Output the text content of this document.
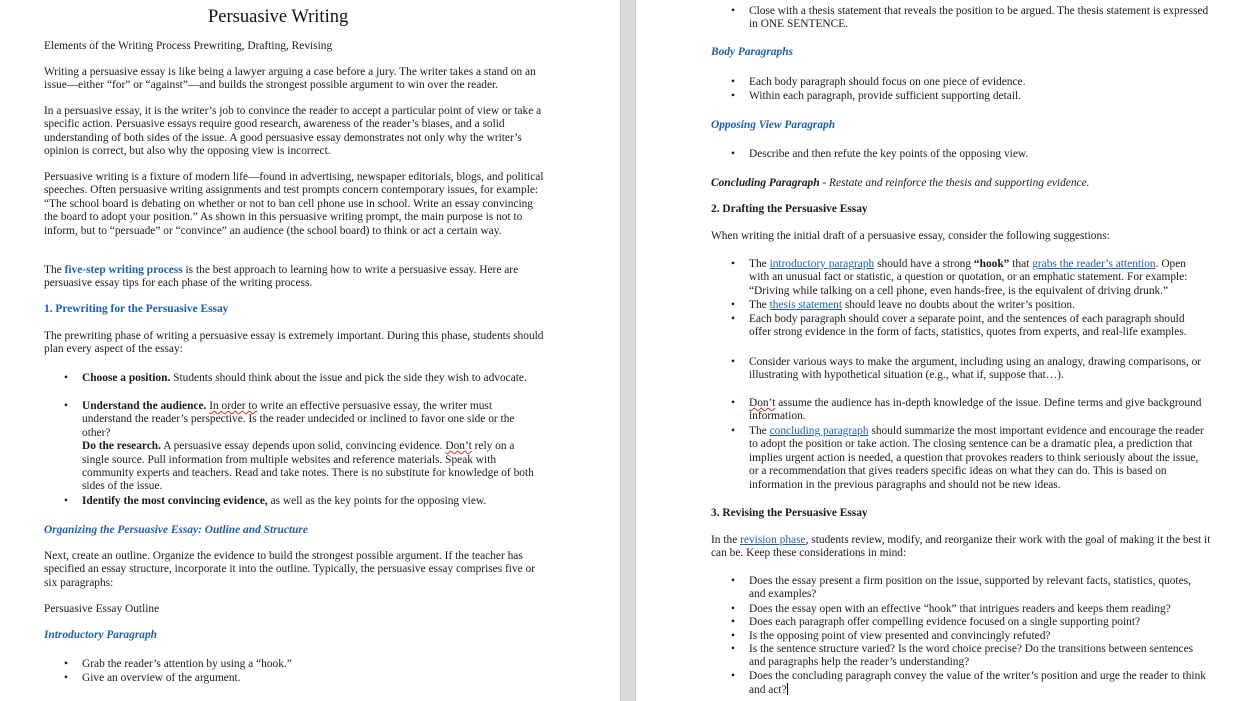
Persuasive Writing
Elements of the Writing Process Prewriting, Drafting, Revising
Writing a persuasive essay is like being a lawyer arguing a case before a jury. The writer takes a stand on an issue—either “for” or “against”—and builds the strongest possible argument to win over the reader.
In a persuasive essay, it is the writer’s job to convince the reader to accept a particular point of view or take a specific action. Persuasive essays require good research, awareness of the reader’s biases, and a solid understanding of both sides of the issue. A good persuasive essay demonstrates not only why the writer’s opinion is correct, but also why the opposing view is incorrect.
Persuasive writing is a fixture of modern life—found in advertising, newspaper editorials, blogs, and political speeches. Often persuasive writing assignments and test prompts concern contemporary issues, for example: “The school board is debating on whether or not to ban cell phone use in school. Write an essay convincing the board to adopt your position.” As shown in this persuasive writing prompt, the main purpose is not to inform, but to “persuade” or “convince” an audience (the school board) to think or act a certain way.
The five-step writing process is the best approach to learning how to write a persuasive essay. Here are persuasive essay tips for each phase of the writing process.
1. Prewriting for the Persuasive Essay
The prewriting phase of writing a persuasive essay is extremely important. During this phase, students should plan every aspect of the essay:
• Choose a position. Students should think about the issue and pick the side they wish to advocate.
• Understand the audience. In order to write an effective persuasive essay, the writer must understand the reader’s perspective. Is the reader undecided or inclined to favor one side or the other?
Do the research. A persuasive essay depends upon solid, convincing evidence. Don’t rely on a single source. Pull information from multiple websites and reference materials. Speak with community experts and teachers. Read and take notes. There is no substitute for knowledge of both sides of the issue.
• Identify the most convincing evidence, as well as the key points for the opposing view.
Organizing the Persuasive Essay: Outline and Structure
Next, create an outline. Organize the evidence to build the strongest possible argument. If the teacher has specified an essay structure, incorporate it into the outline. Typically, the persuasive essay comprises five or six paragraphs:
Persuasive Essay Outline
Introductory Paragraph
• Grab the reader’s attention by using a “hook.”
• Give an overview of the argument.
• Close with a thesis statement that reveals the position to be argued. The thesis statement is expressed in ONE SENTENCE.
Body Paragraphs
• Each body paragraph should focus on one piece of evidence.
• Within each paragraph, provide sufficient supporting detail.
Opposing View Paragraph
• Describe and then refute the key points of the opposing view.
Concluding Paragraph - Restate and reinforce the thesis and supporting evidence.
2. Drafting the Persuasive Essay
When writing the initial draft of a persuasive essay, consider the following suggestions:
• The introductory paragraph should have a strong “hook” that grabs the reader’s attention. Open with an unusual fact or statistic, a question or quotation, or an emphatic statement. For example: “Driving while talking on a cell phone, even hands-free, is the equivalent of driving drunk.”
• The thesis statement should leave no doubts about the writer’s position.
• Each body paragraph should cover a separate point, and the sentences of each paragraph should offer strong evidence in the form of facts, statistics, quotes from experts, and real-life examples.
• Consider various ways to make the argument, including using an analogy, drawing comparisons, or illustrating with hypothetical situation (e.g., what if, suppose that…).
• Don’t assume the audience has in-depth knowledge of the issue. Define terms and give background information.
• The concluding paragraph should summarize the most important evidence and encourage the reader to adopt the position or take action. The closing sentence can be a dramatic plea, a prediction that implies urgent action is needed, a question that provokes readers to think seriously about the issue, or a recommendation that gives readers specific ideas on what they can do. This is based on information in the previous paragraphs and should not be new ideas.
3. Revising the Persuasive Essay
In the revision phase, students review, modify, and reorganize their work with the goal of making it the best it can be. Keep these considerations in mind:
• Does the essay present a firm position on the issue, supported by relevant facts, statistics, quotes, and examples?
• Does the essay open with an effective “hook” that intrigues readers and keeps them reading?
• Does each paragraph offer compelling evidence focused on a single supporting point?
• Is the opposing point of view presented and convincingly refuted?
• Is the sentence structure varied? Is the word choice precise? Do the transitions between sentences and paragraphs help the reader’s understanding?
• Does the concluding paragraph convey the value of the writer’s position and urge the reader to think and act?
